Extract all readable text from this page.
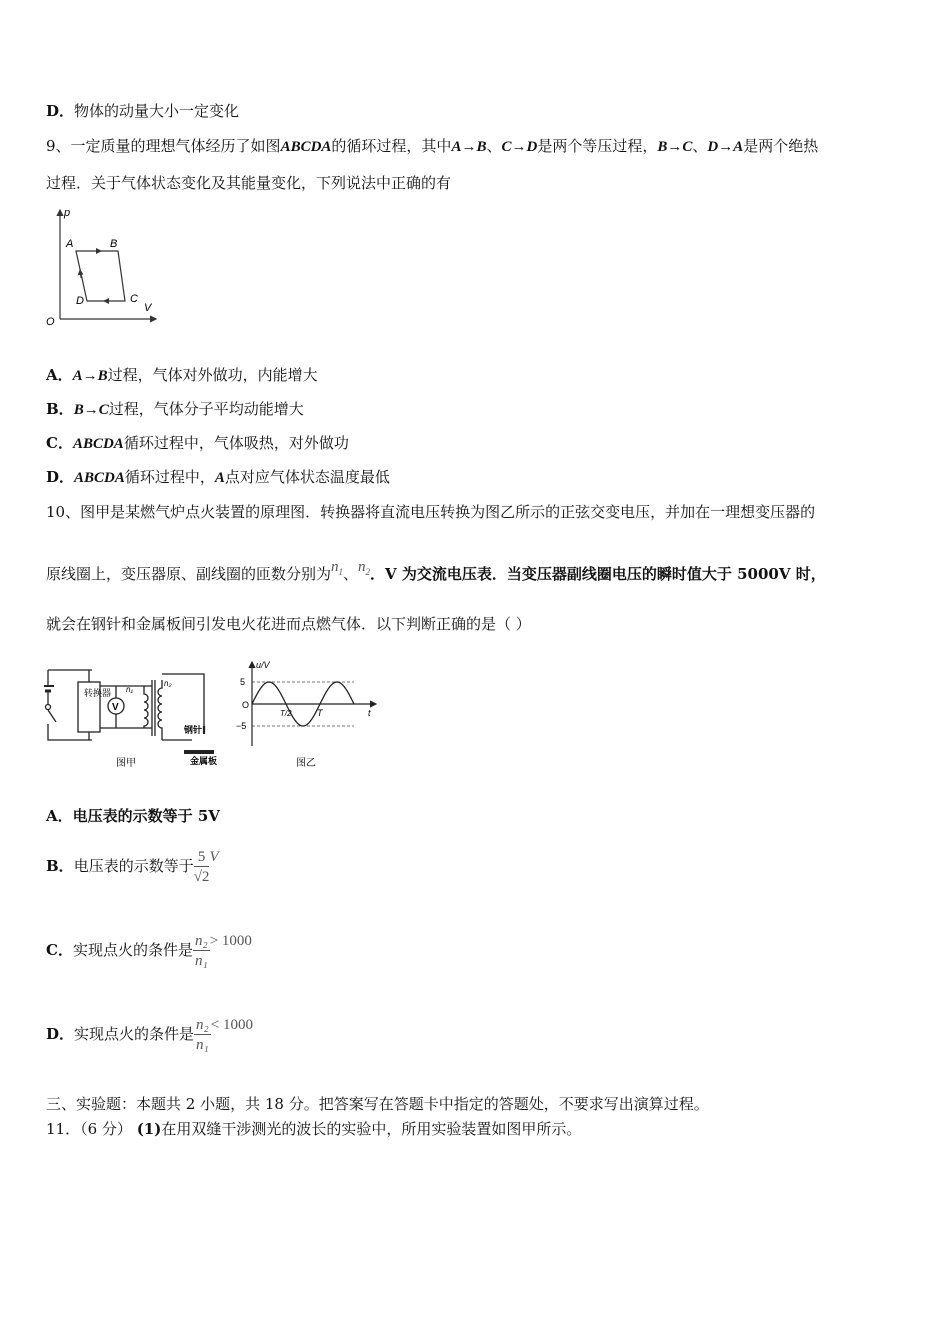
D．物体的动量大小一定变化
9、一定质量的理想气体经历了如图ABCDA的循环过程，其中A→B、C→D是两个等压过程，B→C、D→A是两个绝热
过程．关于气体状态变化及其能量变化，下列说法中正确的有
p
V
O
A	B
C
D
A．A→B过程，气体对外做功，内能增大
B．B→C过程，气体分子平均动能增大
C．ABCDA循环过程中，气体吸热，对外做功
D．ABCDA循环过程中，A点对应气体状态温度最低
10、图甲是某燃气炉点火装置的原理图．转换器将直流电压转换为图乙所示的正弦交变电压，并加在一理想变压器的
原线圈上，变压器原、副线圈的匝数分别为$n_1$、$n_2$．V 为交流电压表．当变压器副线圈电压的瞬时值大于 5000V 时，
就会在钢针和金属板间引发电火花进而点燃气体．以下判断正确的是（ ）
转换器
V
n₁
n₂
钢针
金属板
图甲
u/V
t
5
−5
O
T/2	T
图乙
A．电压表的示数等于 5V
B．电压表的示数等于 $\frac{5}{√2}$ V
C．实现点火的条件是 $\frac{\text{n₂}}{\text{n₁}} > 1000$
D．实现点火的条件是 $\frac{\text{n₂}}{\text{n₁}} < 1000$
三、实验题：本题共 2 小题，共 18 分。把答案写在答题卡中指定的答题处，不要求写出演算过程。
11．（6 分） (1)在用双缝干涉测光的波长的实验中，所用实验装置如图甲所示。
